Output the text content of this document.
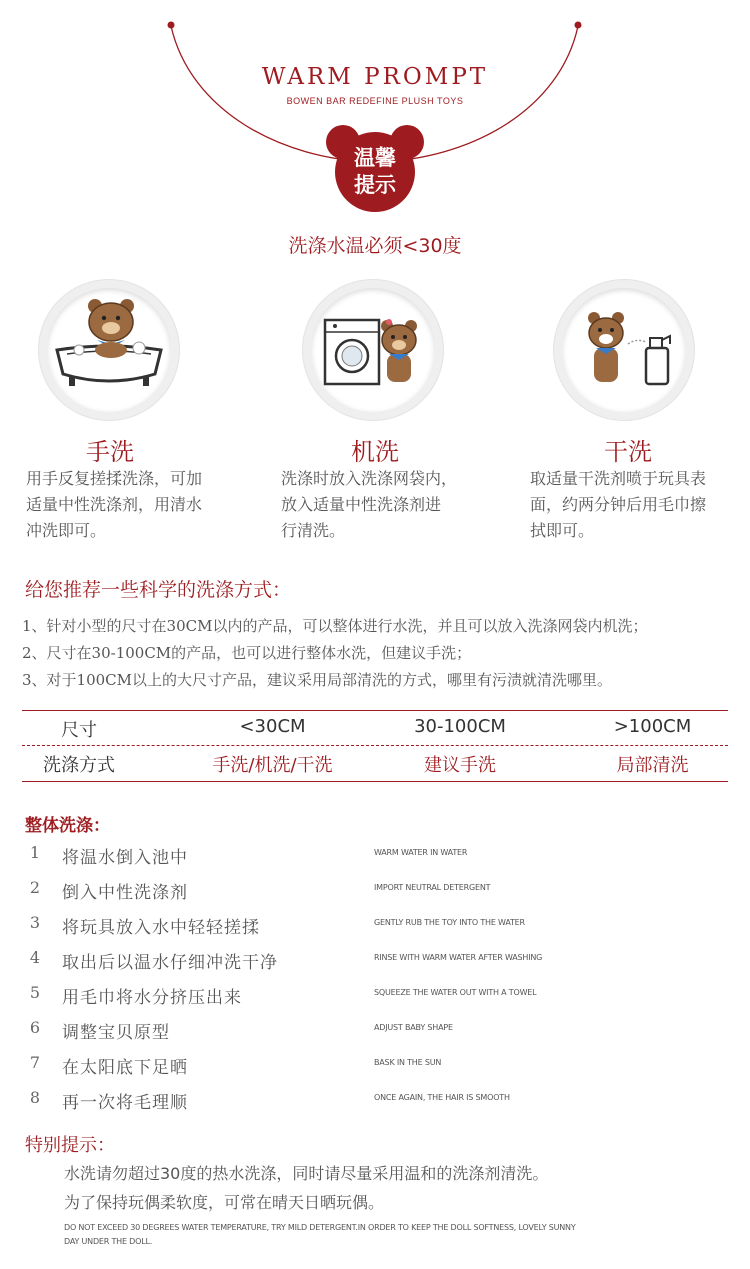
WARM PROMPT
BOWEN BAR REDEFINE PLUSH TOYS
温馨
提示
洗涤水温必须<30度
手洗
用手反复搓揉洗涤，可加
适量中性洗涤剂，用清水
冲洗即可。
机洗
洗涤时放入洗涤网袋内，
放入适量中性洗涤剂进
行清洗。
干洗
取适量干洗剂喷于玩具表
面，约两分钟后用毛巾擦
拭即可。
给您推荐一些科学的洗涤方式：
1、针对小型的尺寸在30CM以内的产品，可以整体进行水洗，并且可以放入洗涤网袋内机洗；
2、尺寸在30-100CM的产品，也可以进行整体水洗，但建议手洗；
3、对于100CM以上的大尺寸产品，建议采用局部清洗的方式，哪里有污渍就清洗哪里。
尺寸	<30CM	30-100CM	>100CM
洗涤方式	手洗/机洗/干洗	建议手洗	局部清洗
整体洗涤：
1 将温水倒入池中	WARM WATER IN WATER
2 倒入中性洗涤剂	IMPORT NEUTRAL DETERGENT
3 将玩具放入水中轻轻搓揉	GENTLY RUB THE TOY INTO THE WATER
4 取出后以温水仔细冲洗干净	RINSE WITH WARM WATER AFTER WASHING
5 用毛巾将水分挤压出来	SQUEEZE THE WATER OUT WITH A TOWEL
6 调整宝贝原型	ADJUST BABY SHAPE
7 在太阳底下足晒	BASK IN THE SUN
8 再一次将毛理顺	ONCE AGAIN, THE HAIR IS SMOOTH
特别提示：
水洗请勿超过30度的热水洗涤，同时请尽量采用温和的洗涤剂清洗。
为了保持玩偶柔软度，可常在晴天日晒玩偶。
DO NOT EXCEED 30 DEGREES WATER TEMPERATURE, TRY MILD DETERGENT.IN ORDER TO KEEP THE DOLL SOFTNESS, LOVELY SUNNY DAY UNDER THE DOLL.
